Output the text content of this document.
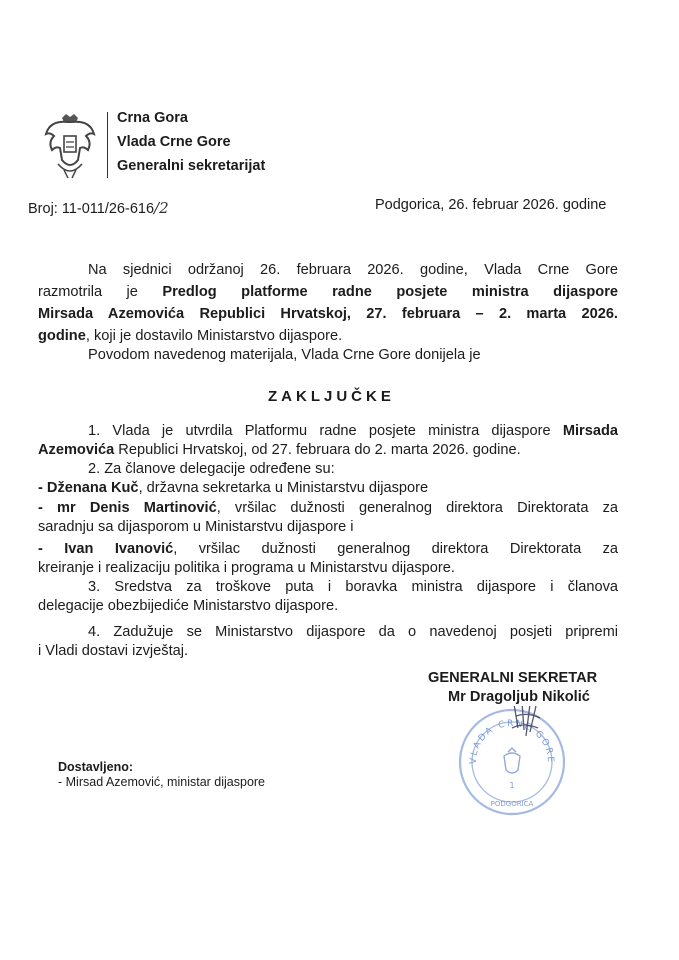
Crna Gora
Vlada Crne Gore
Generalni sekretarijat
Broj: 11-011/26-616/2	Podgorica, 26. februar 2026. godine
Na sjednici održanoj 26. februara 2026. godine, Vlada Crne Gore
razmotrila je Predlog platforme radne posjete ministra dijaspore
Mirsada Azemovića Republici Hrvatskoj, 27. februara – 2. marta 2026.
godine, koji je dostavilo Ministarstvo dijaspore.
Povodom navedenog materijala, Vlada Crne Gore donijela je
ZAKLJUČKE
1. Vlada je utvrdila Platformu radne posjete ministra dijaspore Mirsada
Azemovića Republici Hrvatskoj, od 27. februara do 2. marta 2026. godine.
2. Za članove delegacije određene su:
- Dženana Kuč, državna sekretarka u Ministarstvu dijaspore
- mr Denis Martinović, vršilac dužnosti generalnog direktora Direktorata za
saradnju sa dijasporom u Ministarstvu dijaspore i
- Ivan Ivanović, vršilac dužnosti generalnog direktora Direktorata za
kreiranje i realizaciju politika i programa u Ministarstvu dijaspore.
3. Sredstva za troškove puta i boravka ministra dijaspore i članova
delegacije obezbijediće Ministarstvo dijaspore.
4. Zadužuje se Ministarstvo dijaspore da o navedenoj posjeti pripremi
i Vladi dostavi izvještaj.
GENERALNI SEKRETAR
Mr Dragoljub Nikolić
VLADA CRNE GORE
1
PODGORICA
Dostavljeno:
- Mirsad Azemović, ministar dijaspore
